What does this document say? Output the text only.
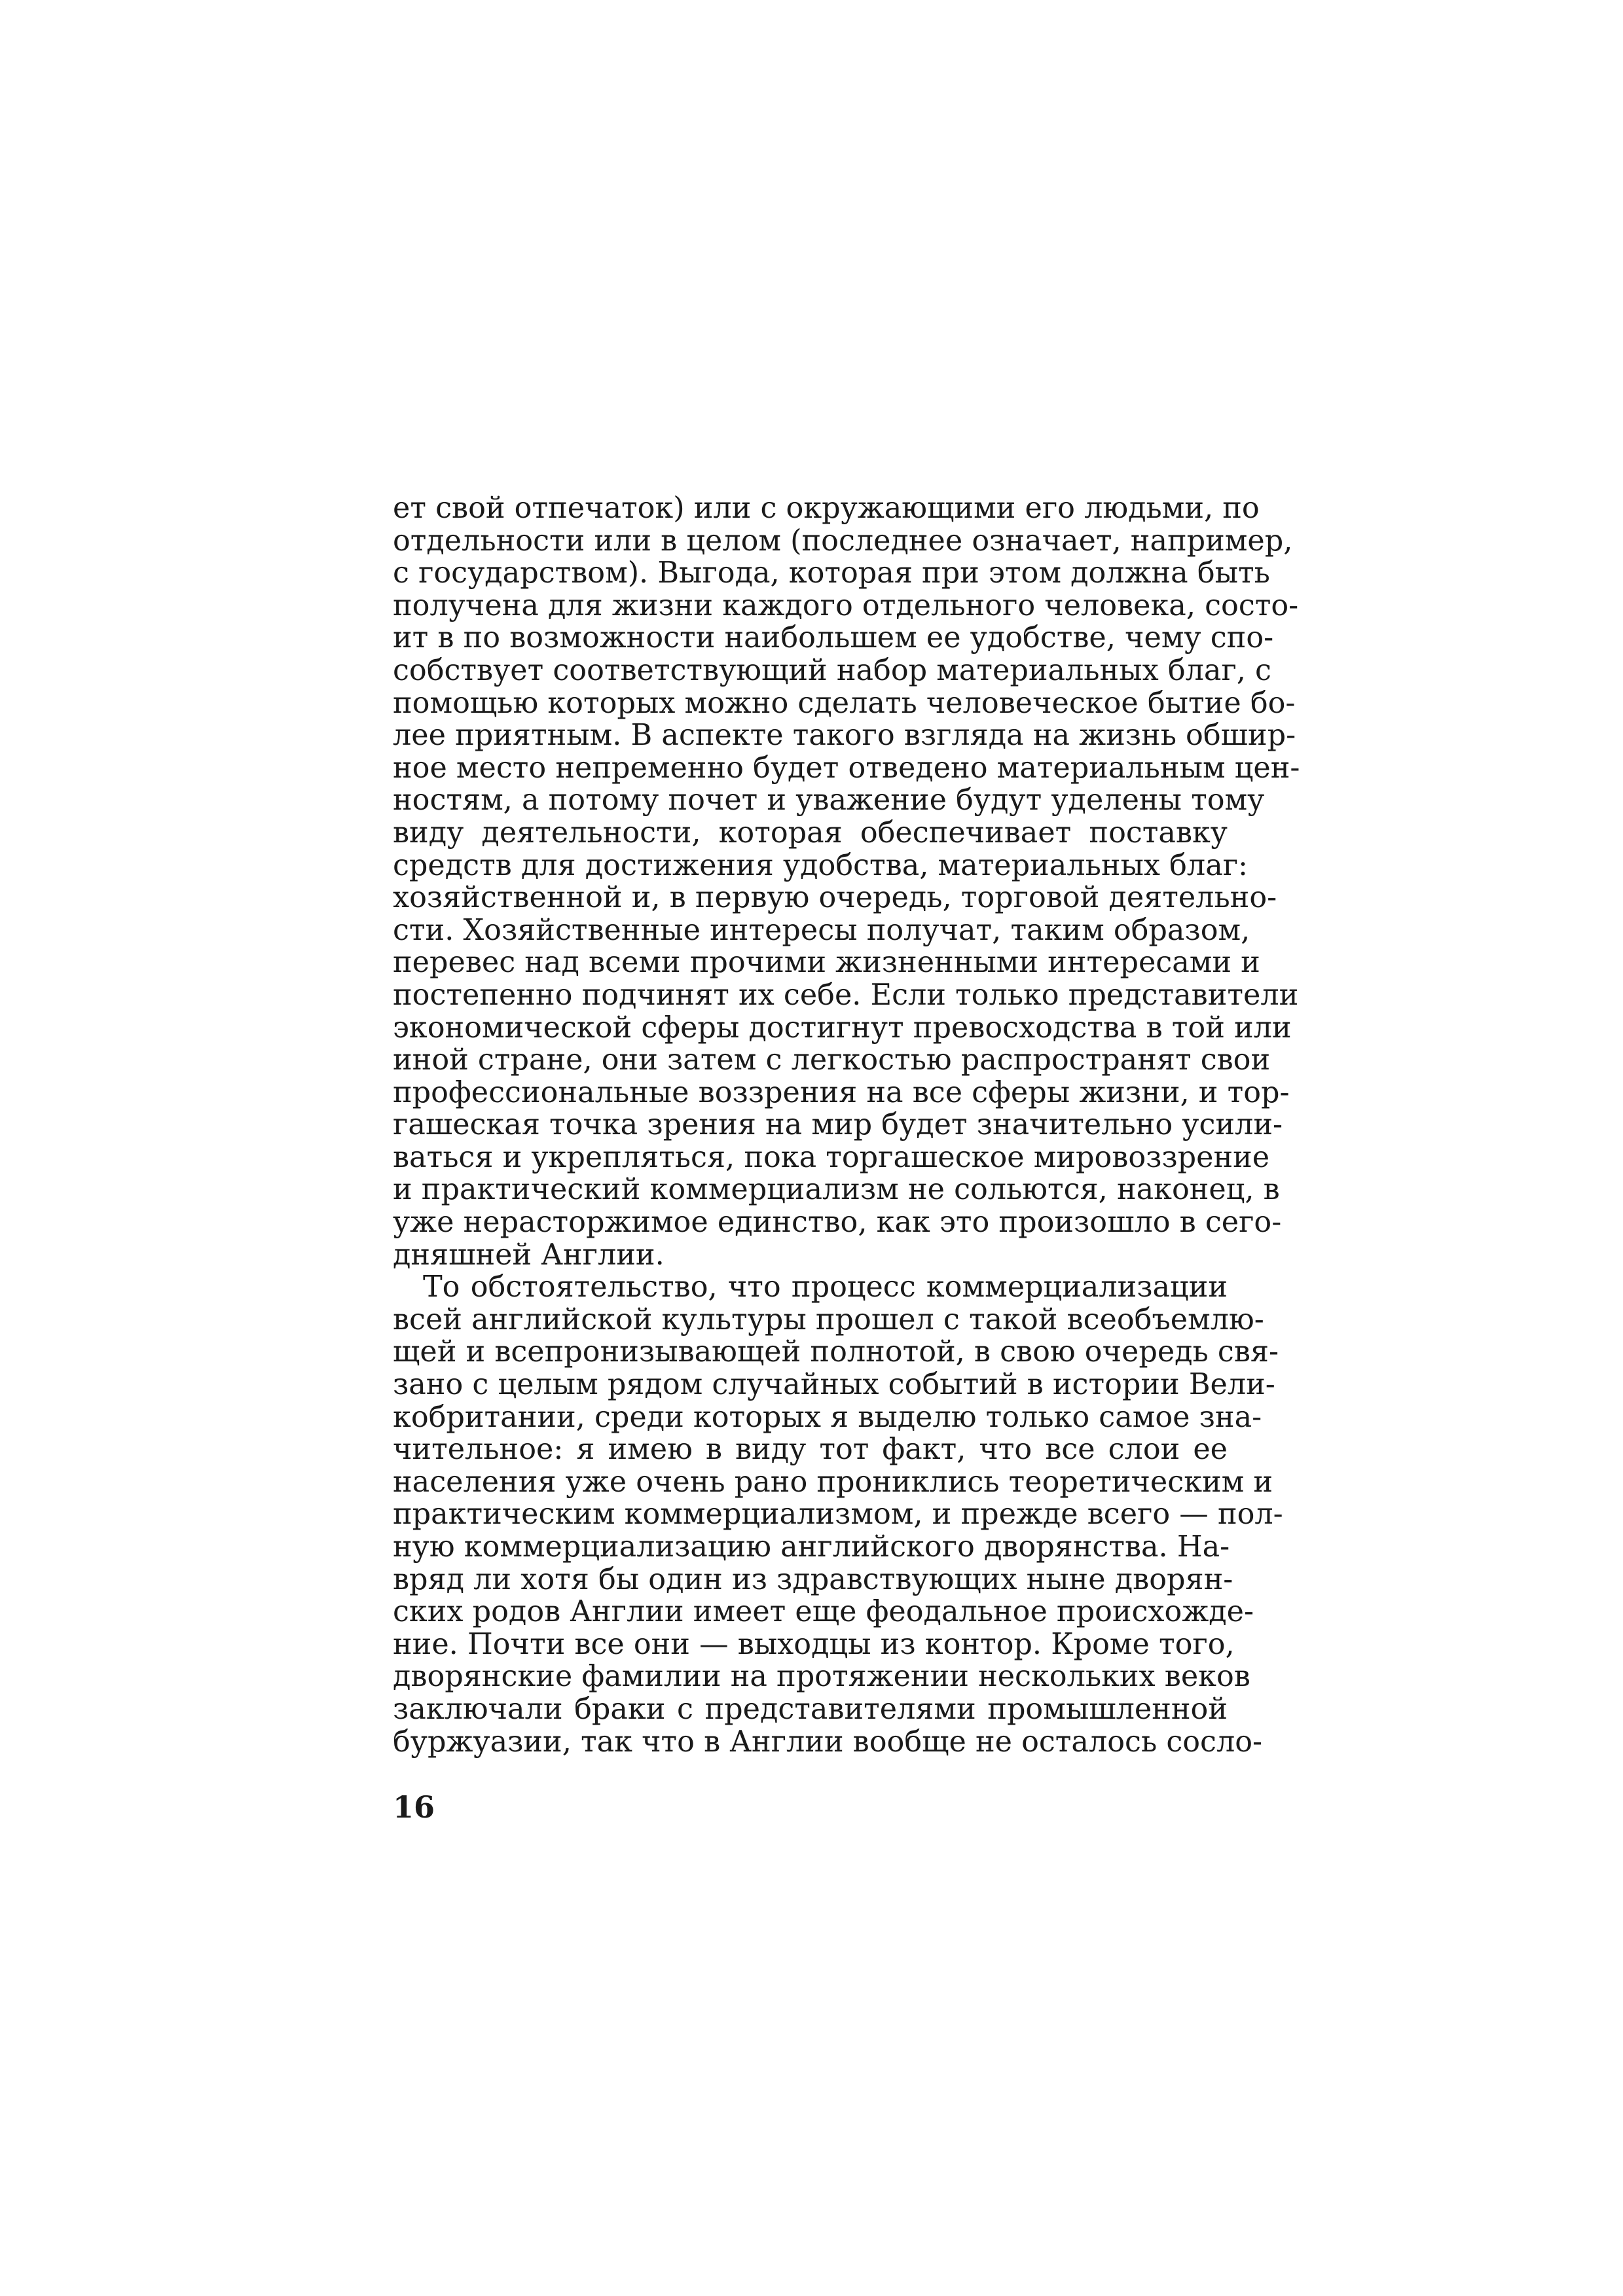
ет свой отпечаток) или с окружающими его людьми, по
отдельности или в целом (последнее означает, например,
с государством). Выгода, которая при этом должна быть
получена для жизни каждого отдельного человека, состо-
ит в по возможности наибольшем ее удобстве, чему спо-
собствует соответствующий набор материальных благ, с
помощью которых можно сделать человеческое бытие бо-
лее приятным. В аспекте такого взгляда на жизнь обшир-
ное место непременно будет отведено материальным цен-
ностям, а потому почет и уважение будут уделены тому
виду деятельности, которая обеспечивает поставку
средств для достижения удобства, материальных благ:
хозяйственной и, в первую очередь, торговой деятельно-
сти. Хозяйственные интересы получат, таким образом,
перевес над всеми прочими жизненными интересами и
постепенно подчинят их себе. Если только представители
экономической сферы достигнут превосходства в той или
иной стране, они затем с легкостью распространят свои
профессиональные воззрения на все сферы жизни, и тор-
гашеская точка зрения на мир будет значительно усили-
ваться и укрепляться, пока торгашеское мировоззрение
и практический коммерциализм не сольются, наконец, в
уже нерасторжимое единство, как это произошло в сего-
дняшней Англии.
То обстоятельство, что процесс коммерциализации
всей английской культуры прошел с такой всеобъемлю-
щей и всепронизывающей полнотой, в свою очередь свя-
зано с целым рядом случайных событий в истории Вели-
кобритании, среди которых я выделю только самое зна-
чительное: я имею в виду тот факт, что все слои ее
населения уже очень рано прониклись теоретическим и
практическим коммерциализмом, и прежде всего — пол-
ную коммерциализацию английского дворянства. На-
вряд ли хотя бы один из здравствующих ныне дворян-
ских родов Англии имеет еще феодальное происхожде-
ние. Почти все они — выходцы из контор. Кроме того,
дворянские фамилии на протяжении нескольких веков
заключали браки с представителями промышленной
буржуазии, так что в Англии вообще не осталось сосло-
16
